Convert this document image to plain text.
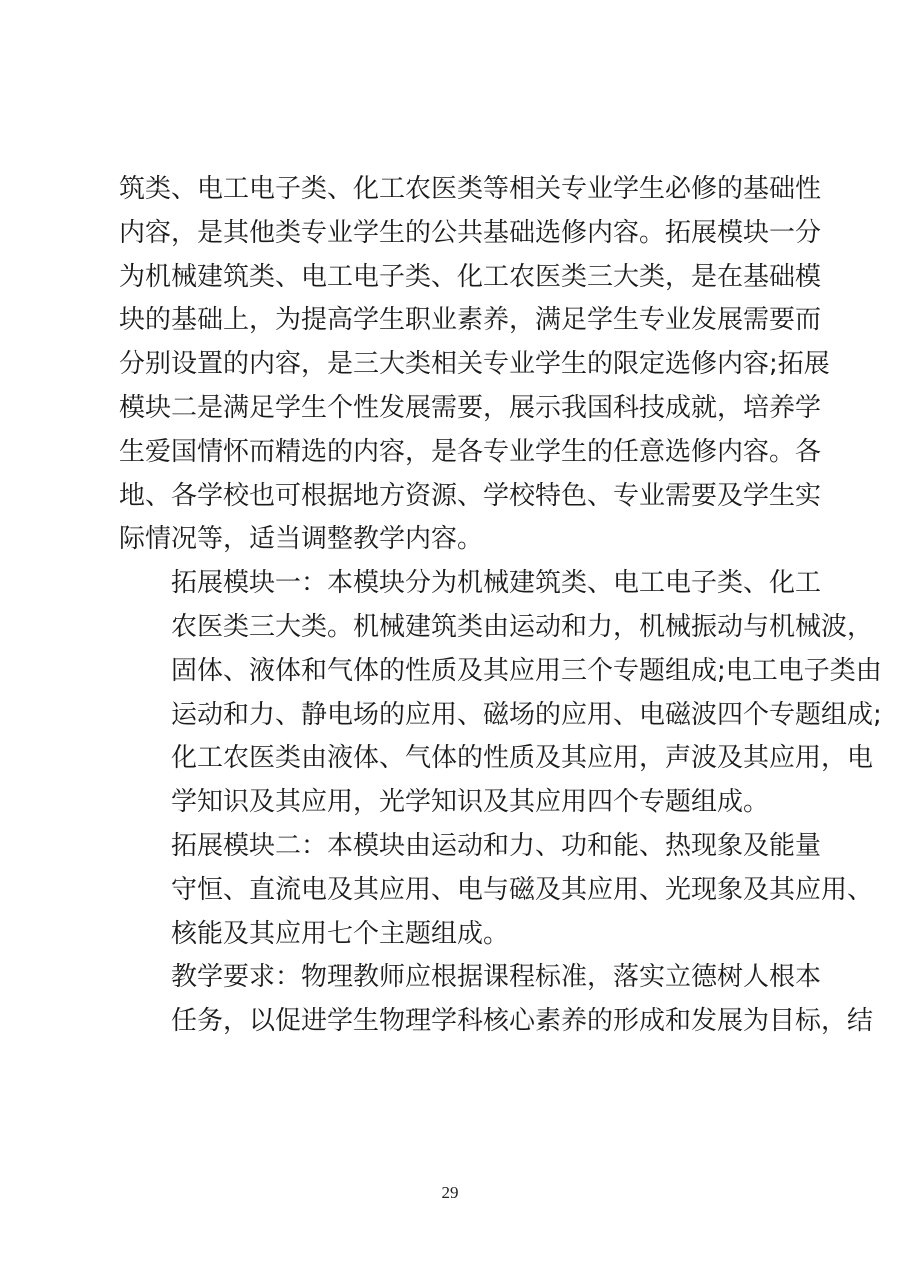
筑类、电工电子类、化工农医类等相关专业学生必修的基础性
内容，是其他类专业学生的公共基础选修内容。拓展模块一分
为机械建筑类、电工电子类、化工农医类三大类，是在基础模
块的基础上，为提高学生职业素养，满足学生专业发展需要而
分别设置的内容，是三大类相关专业学生的限定选修内容;拓展
模块二是满足学生个性发展需要，展示我国科技成就，培养学
生爱国情怀而精选的内容，是各专业学生的任意选修内容。各
地、各学校也可根据地方资源、学校特色、专业需要及学生实
际情况等，适当调整教学内容。

拓展模块一：本模块分为机械建筑类、电工电子类、化工
农医类三大类。机械建筑类由运动和力，机械振动与机械波，
固体、液体和气体的性质及其应用三个专题组成;电工电子类由
运动和力、静电场的应用、磁场的应用、电磁波四个专题组成;
化工农医类由液体、气体的性质及其应用，声波及其应用，电
学知识及其应用，光学知识及其应用四个专题组成。

拓展模块二：本模块由运动和力、功和能、热现象及能量
守恒、直流电及其应用、电与磁及其应用、光现象及其应用、
核能及其应用七个主题组成。

教学要求：物理教师应根据课程标准，落实立德树人根本
任务，以促进学生物理学科核心素养的形成和发展为目标，结

29
